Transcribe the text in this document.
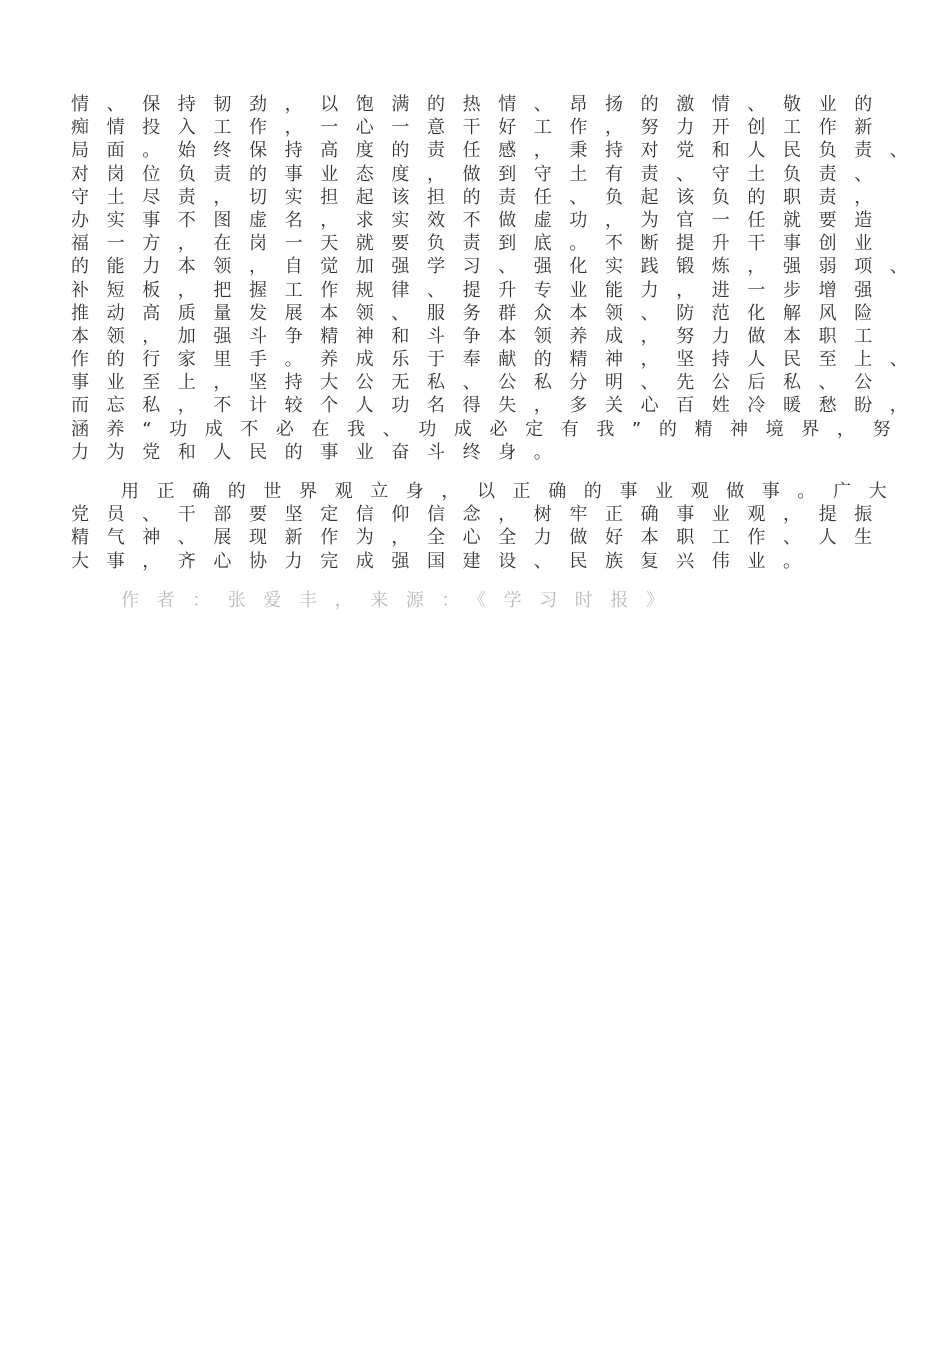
情、保持韧劲，以饱满的热情、昂扬的激情、敬业的
痴情投入工作，一心一意干好工作，努力开创工作新
局面。始终保持高度的责任感，秉持对党和人民负责、
对岗位负责的事业态度，做到守土有责、守土负责、
守土尽责，切实担起该担的责任、负起该负的职责，
办实事不图虚名，求实效不做虚功，为官一任就要造
福一方，在岗一天就要负责到底。不断提升干事创业
的能力本领，自觉加强学习、强化实践锻炼，强弱项、
补短板，把握工作规律、提升专业能力，进一步增强
推动高质量发展本领、服务群众本领、防范化解风险
本领，加强斗争精神和斗争本领养成，努力做本职工
作的行家里手。养成乐于奉献的精神，坚持人民至上、
事业至上，坚持大公无私、公私分明、先公后私、公
而忘私，不计较个人功名得失，多关心百姓冷暖愁盼，
涵养“功成不必在我、功成必定有我”的精神境界，努
力为党和人民的事业奋斗终身。
用正确的世界观立身，以正确的事业观做事。广大
党员、干部要坚定信仰信念，树牢正确事业观，提振
精气神、展现新作为，全心全力做好本职工作、人生
大事，齐心协力完成强国建设、民族复兴伟业。
作者：张爱丰，来源：《学习时报》
